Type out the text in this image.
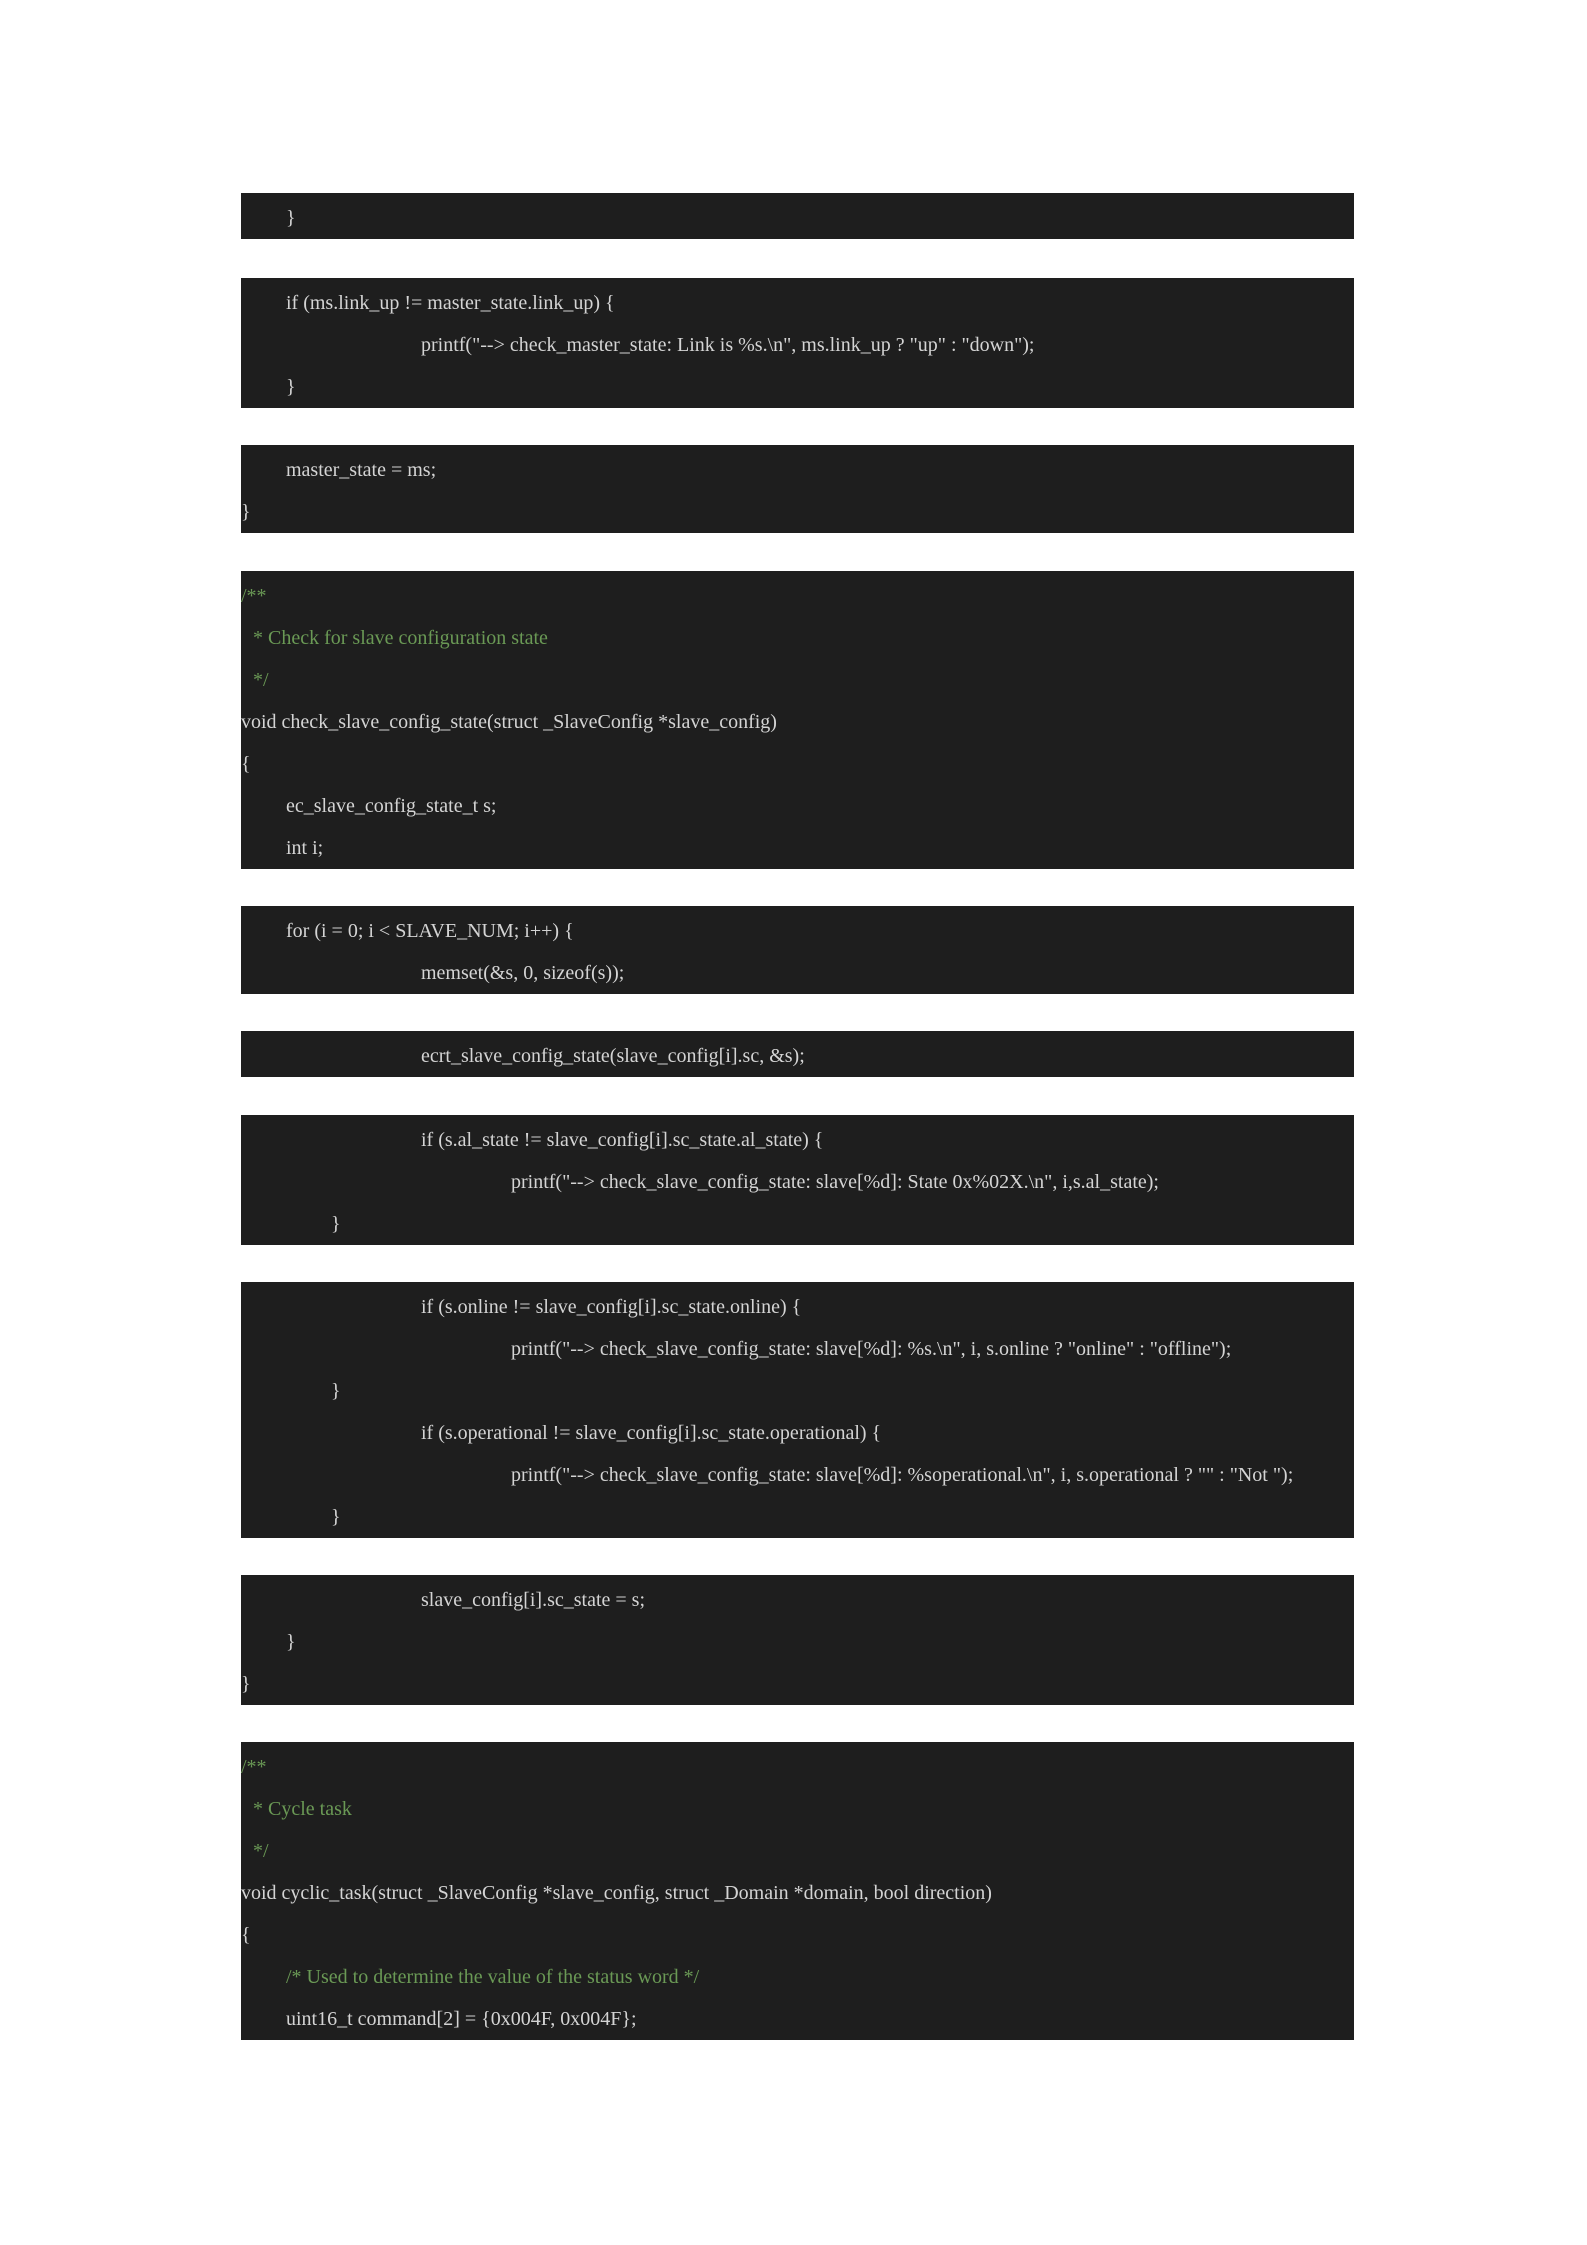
}
if (ms.link_up != master_state.link_up) {
printf("--> check_master_state: Link is %s.\n", ms.link_up ? "up" : "down");
}
master_state = ms;
}
/**
* Check for slave configuration state
*/
void check_slave_config_state(struct _SlaveConfig *slave_config)
{
ec_slave_config_state_t s;
int i;
for (i = 0; i < SLAVE_NUM; i++) {
memset(&s, 0, sizeof(s));
ecrt_slave_config_state(slave_config[i].sc, &s);
if (s.al_state != slave_config[i].sc_state.al_state) {
printf("--> check_slave_config_state: slave[%d]: State 0x%02X.\n", i,s.al_state);
}
if (s.online != slave_config[i].sc_state.online) {
printf("--> check_slave_config_state: slave[%d]: %s.\n", i, s.online ? "online" : "offline");
}
if (s.operational != slave_config[i].sc_state.operational) {
printf("--> check_slave_config_state: slave[%d]: %soperational.\n", i, s.operational ? "" : "Not ");
}
slave_config[i].sc_state = s;
}
}
/**
* Cycle task
*/
void cyclic_task(struct _SlaveConfig *slave_config, struct _Domain *domain, bool direction)
{
/* Used to determine the value of the status word */
uint16_t command[2] = {0x004F, 0x004F};
